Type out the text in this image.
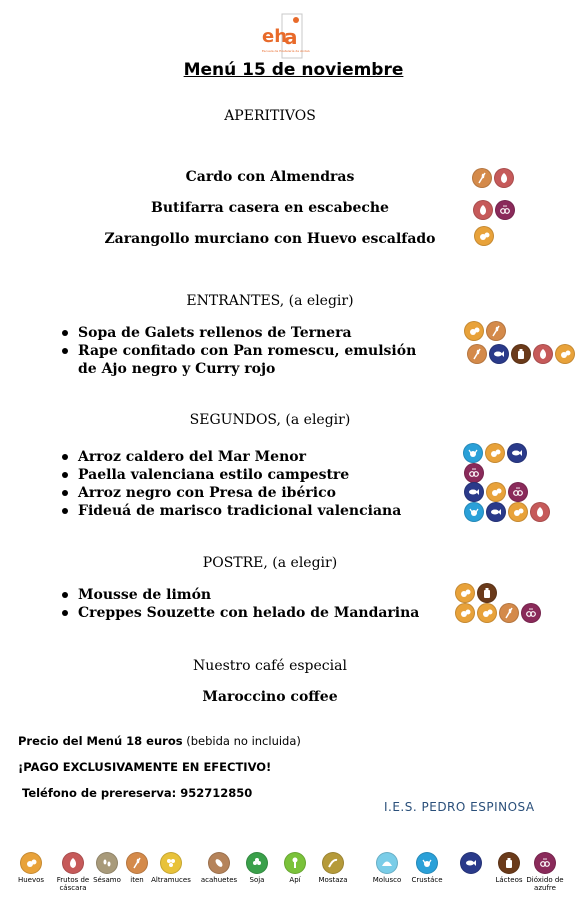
eh
a
Escuela de Hostelería de Andalucía
Menú 15 de noviembre
APERITIVOS
Cardo con Almendras
Butifarra casera en escabeche
Zarangollo murciano con Huevo escalfado
ENTRANTES, (a elegir)
Sopa de Galets rellenos de Ternera
Rape confitado con Pan romescu, emulsión de Ajo negro y Curry rojo
SEGUNDOS, (a elegir)
Arroz caldero del Mar Menor
Paella valenciana estilo campestre
Arroz negro con Presa de ibérico
Fideuá de marisco tradicional valenciana
POSTRE, (a elegir)
Mousse de limón
Creppes Souzette con helado de Mandarina
Nuestro café especial
Maroccino coffee
Precio del Menú 18 euros (bebida no incluida)
¡PAGO EXCLUSIVAMENTE EN EFECTIVO!
Teléfono de prereserva: 952712850
I.E.S. PEDRO ESPINOSA
Huevos	Frutos de cáscara
Sésamo iten Altramuces acahuetes Soja	Apí	Mostaza	Molusco Crustáce	Lácteos Dióxido de azufre
